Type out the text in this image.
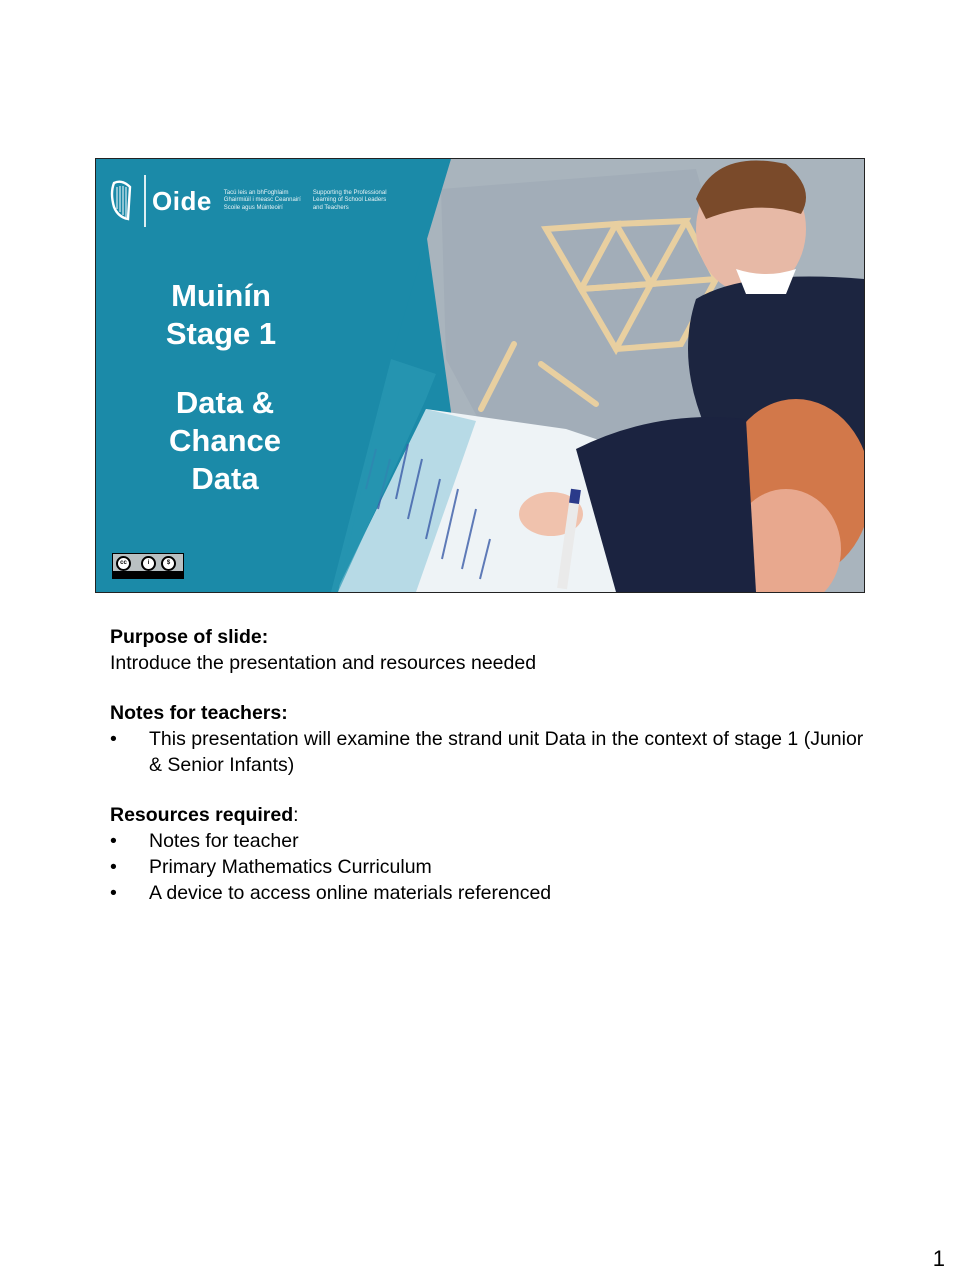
Oide Tacú leis an bhFoghlaim
Ghairmiúil i measc Ceannairí
Scoile agus Múinteoirí
Supporting the Professional
Learning of School Leaders
and Teachers
Muinín
Stage 1
Data &
Chance
Data
cc	i	$
Purpose of slide:

Introduce the presentation and resources needed

Notes for teachers:
• This presentation will examine the strand unit Data in the context of stage 1 (Junior & Senior Infants)
Resources required:
• Notes for teacher
• Primary Mathematics Curriculum
• A device to access online materials referenced
1
